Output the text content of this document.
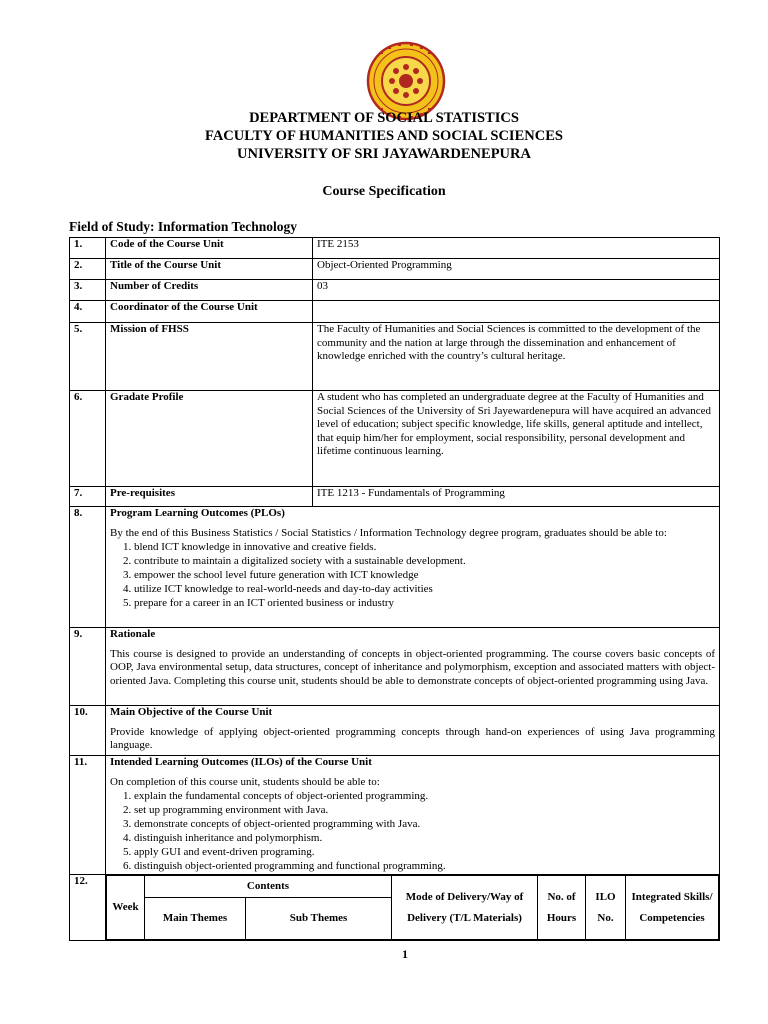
DEPARTMENT OF SOCIAL STATISTICS
FACULTY OF HUMANITIES AND SOCIAL SCIENCES
UNIVERSITY OF SRI JAYAWARDENEPURA
Course Specification
Field of Study: Information Technology
1.	Code of the Course Unit	ITE 2153
2.	Title of the Course Unit	Object-Oriented Programming
3.	Number of Credits	03
4.	Coordinator of the Course Unit	
5.	Mission of FHSS	The Faculty of Humanities and Social Sciences is committed to the development of the community and the nation at large through the dissemination and enhancement of knowledge enriched with the country’s cultural heritage.
6.	Gradate Profile	A student who has completed an undergraduate degree at the Faculty of Humanities and Social Sciences of the University of Sri Jayewardenepura will have acquired an advanced level of education; subject specific knowledge, life skills, general aptitude and intellect, that equip him/her for employment, social responsibility, personal development and lifetime continuous learning.
7.	Pre-requisites	ITE 1213 - Fundamentals of Programming
8.	Program Learning Outcomes (PLOs)
By the end of this Business Statistics / Social Statistics / Information Technology degree program, graduates should be able to:
1. blend ICT knowledge in innovative and creative fields.
2. contribute to maintain a digitalized society with a sustainable development.
3. empower the school level future generation with ICT knowledge
4. utilize ICT knowledge to real-world-needs and day-to-day activities
5. prepare for a career in an ICT oriented business or industry

9.	Rationale
This course is designed to provide an understanding of concepts in object-oriented programming. The course covers basic concepts of OOP, Java environmental setup, data structures, concept of inheritance and polymorphism, exception and associated matters with object-oriented Java. Completing this course unit, students should be able to demonstrate concepts of object-oriented programming using Java.

10.	Main Objective of the Course Unit
Provide knowledge of applying object-oriented programming concepts through hand-on experiences of using Java programming language.

11.	Intended Learning Outcomes (ILOs) of the Course Unit
On completion of this course unit, students should be able to:
1. explain the fundamental concepts of object-oriented programming.
2. set up programming environment with Java.
3. demonstrate concepts of object-oriented programming with Java.
4. distinguish inheritance and polymorphism.
5. apply GUI and event-driven programing.
6. distinguish object-oriented programming and functional programming.

12.	
Week	Contents	Mode of Delivery/Way of Delivery (T/L Materials)	No. of Hours	ILO No.	Integrated Skills/ Competencies
Main Themes	Sub Themes
1
